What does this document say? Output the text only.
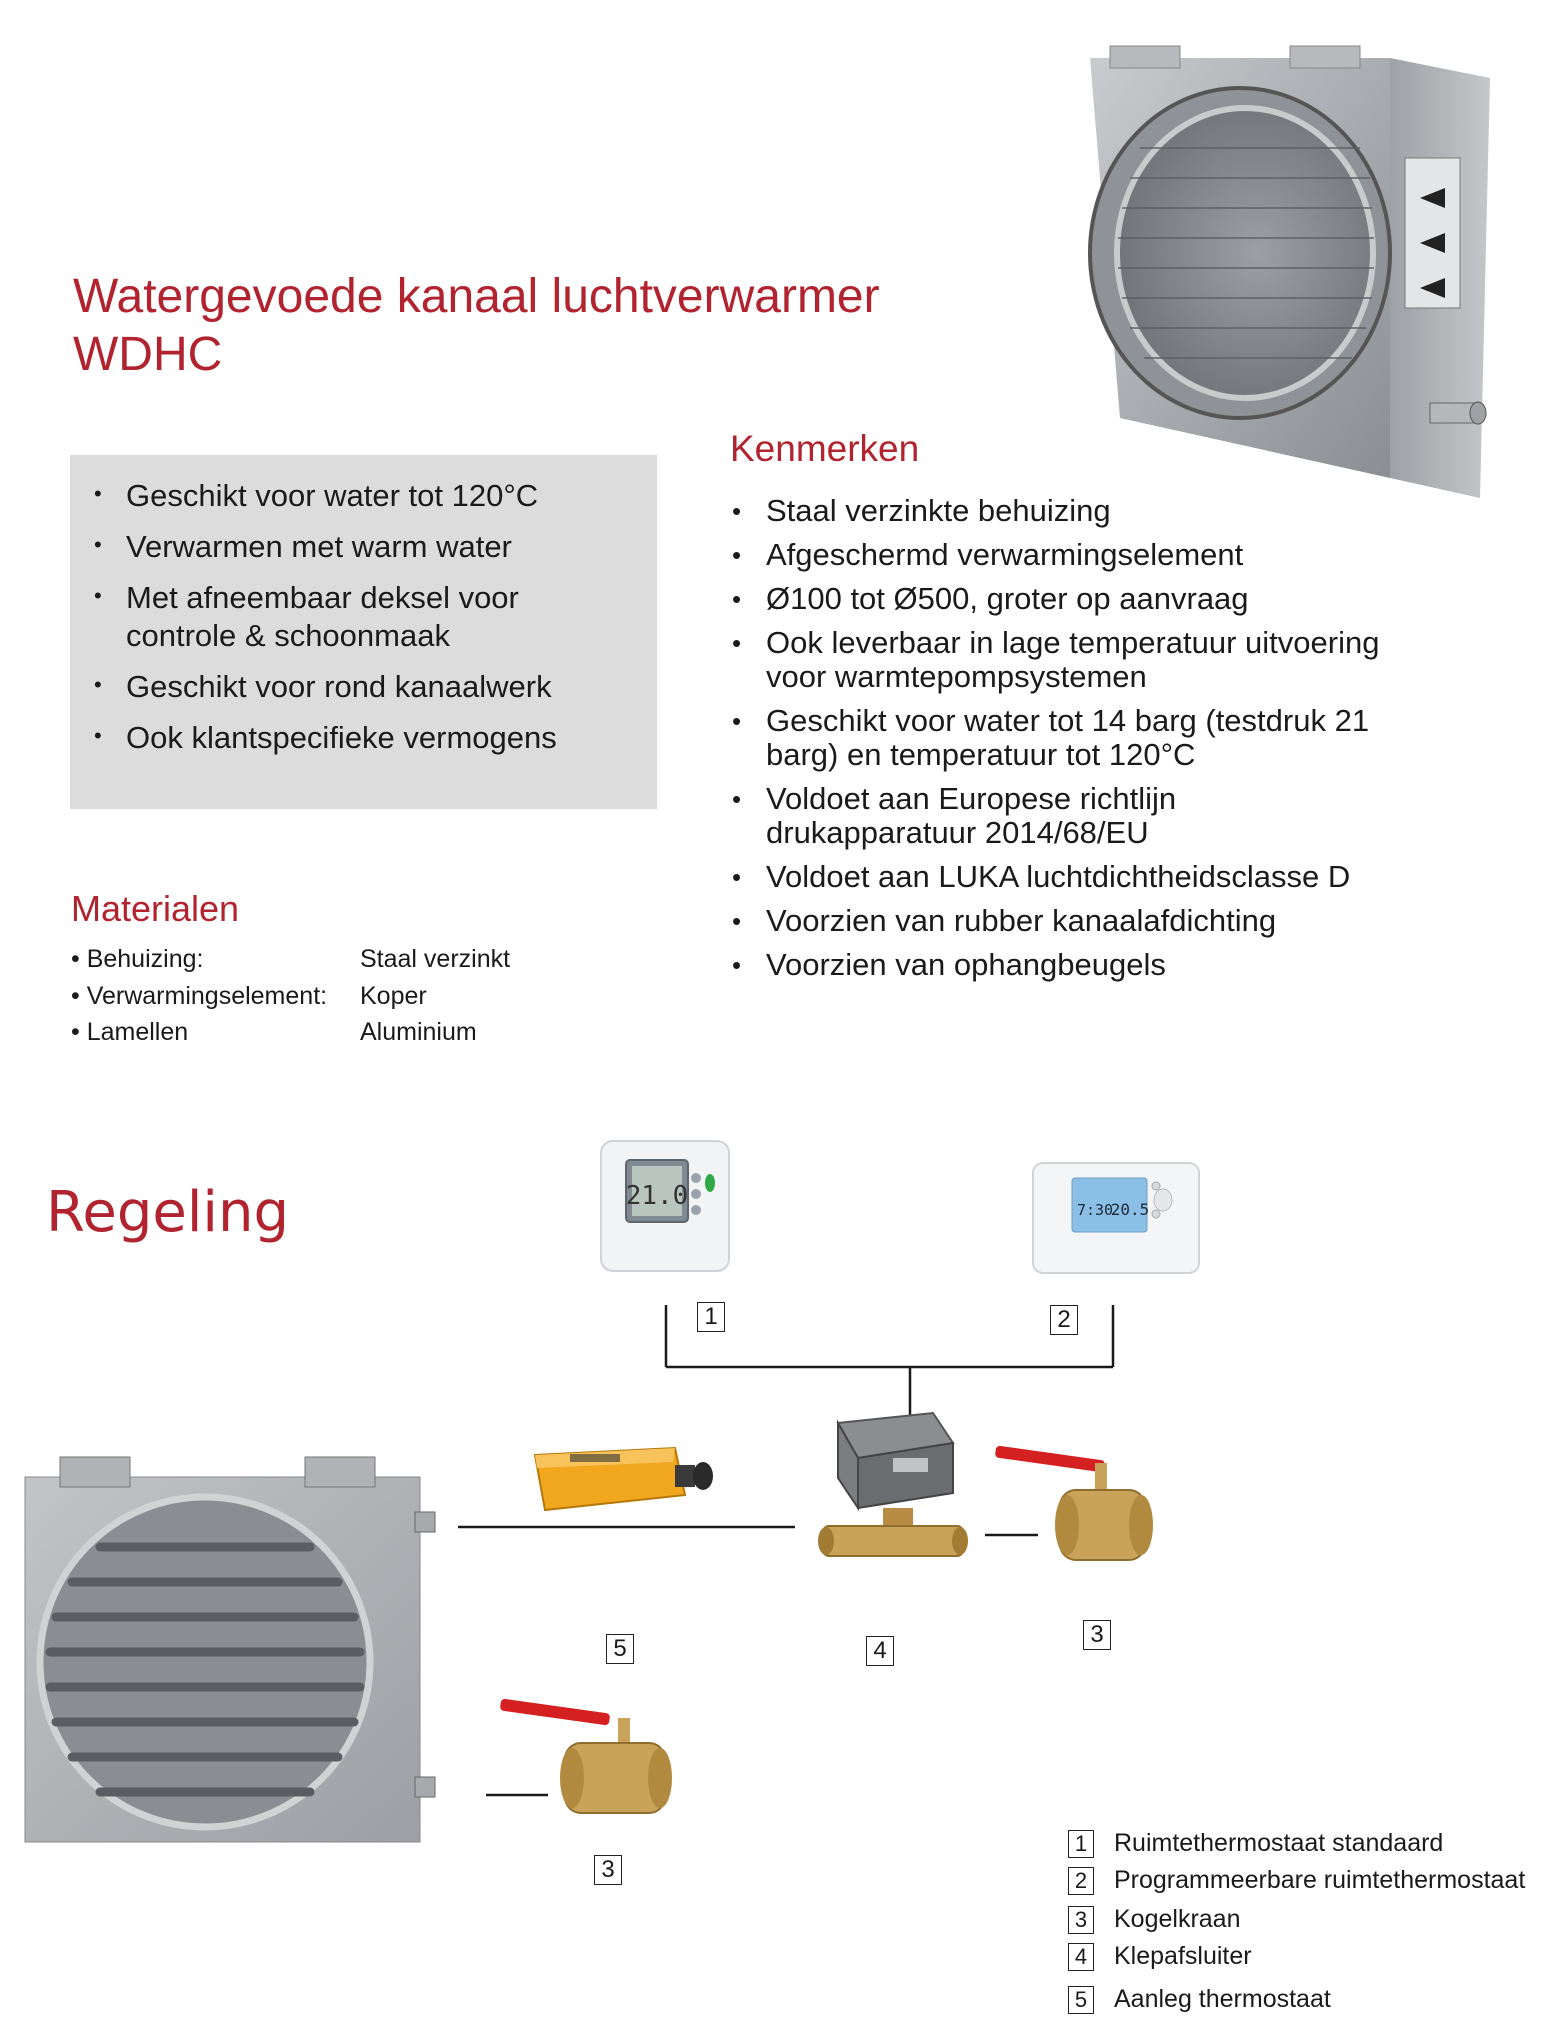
Watergevoede kanaal luchtverwarmer
WDHC
• Geschikt voor water tot 120°C
• Verwarmen met warm water
• Met afneembaar deksel voor controle & schoonmaak
• Geschikt voor rond kanaalwerk
• Ook klantspecifieke vermogens
Kenmerken
• Staal verzinkte behuizing
• Afgeschermd verwarmingselement
• Ø100 tot Ø500, groter op aanvraag
• Ook leverbaar in lage temperatuur uitvoering voor warmtepompsystemen
• Geschikt voor water tot 14 barg (testdruk 21 barg) en temperatuur tot 120°C
• Voldoet aan Europese richtlijn drukapparatuur 2014/68/EU
• Voldoet aan LUKA luchtdichtheidsclasse D
• Voorzien van rubber kanaalafdichting
• Voorzien van ophangbeugels
Materialen
• Behuizing:	Staal verzinkt
• Verwarmingselement: Koper
• Lamellen	Aluminium
Regeling	21.0	7:30
20.5
1	2
3
4
5
3
1 Ruimtethermostaat standaard
2 Programmeerbare ruimtethermostaat
3 Kogelkraan
4 Klepafsluiter
5 Aanleg thermostaat
